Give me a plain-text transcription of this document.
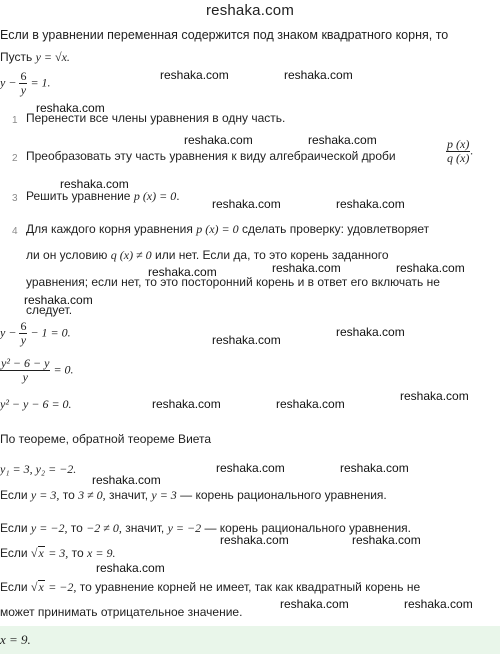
reshaka.com
Если в уравнении переменная содержится под знаком квадратного корня, то
Пусть y = √x.
$y - \frac{6}{y} = 1$.
1 Перенести все члены уравнения в одну часть.
2 Преобразовать эту часть уравнения к виду алгебраической дроби	$\frac{p (x)}{q (x)}$ .
3 Решить уравнение p (x) = 0.
4 Для каждого корня уравнения p (x) = 0 сделать проверку: удовлетворяет
ли он условию q (x) ≠ 0 или нет. Если да, то это корень заданного
уравнения; если нет, то это посторонний корень и в ответ его включать не
следует.
$y - \frac{6}{y} - 1 = 0$.
$\frac{\text{y² − 6 − y}}{y} = 0$.
y² − y − 6 = 0.
По теореме, обратной теореме Виета
y₁ = 3, y₂ = −2.
Если y = 3, то 3 ≠ 0, значит, y = 3 — корень рационального уравнения.
Если y = −2, то −2 ≠ 0, значит, y = −2 — корень рационального уравнения.
Если √x = 3, то x = 9.
Если √x = −2, то уравнение корней не имеет, так как квадратный корень не
может принимать отрицательное значение.
x = 9.
reshaka.com	reshaka.com
reshaka.com
reshaka.com	reshaka.com
reshaka.com
reshaka.com	reshaka.com
reshaka.com	reshaka.com	reshaka.com
reshaka.com
reshaka.com
reshaka.com
reshaka.com	reshaka.com
reshaka.com
reshaka.com	reshaka.com
reshaka.com
reshaka.com	reshaka.com
reshaka.com
reshaka.com	reshaka.com
